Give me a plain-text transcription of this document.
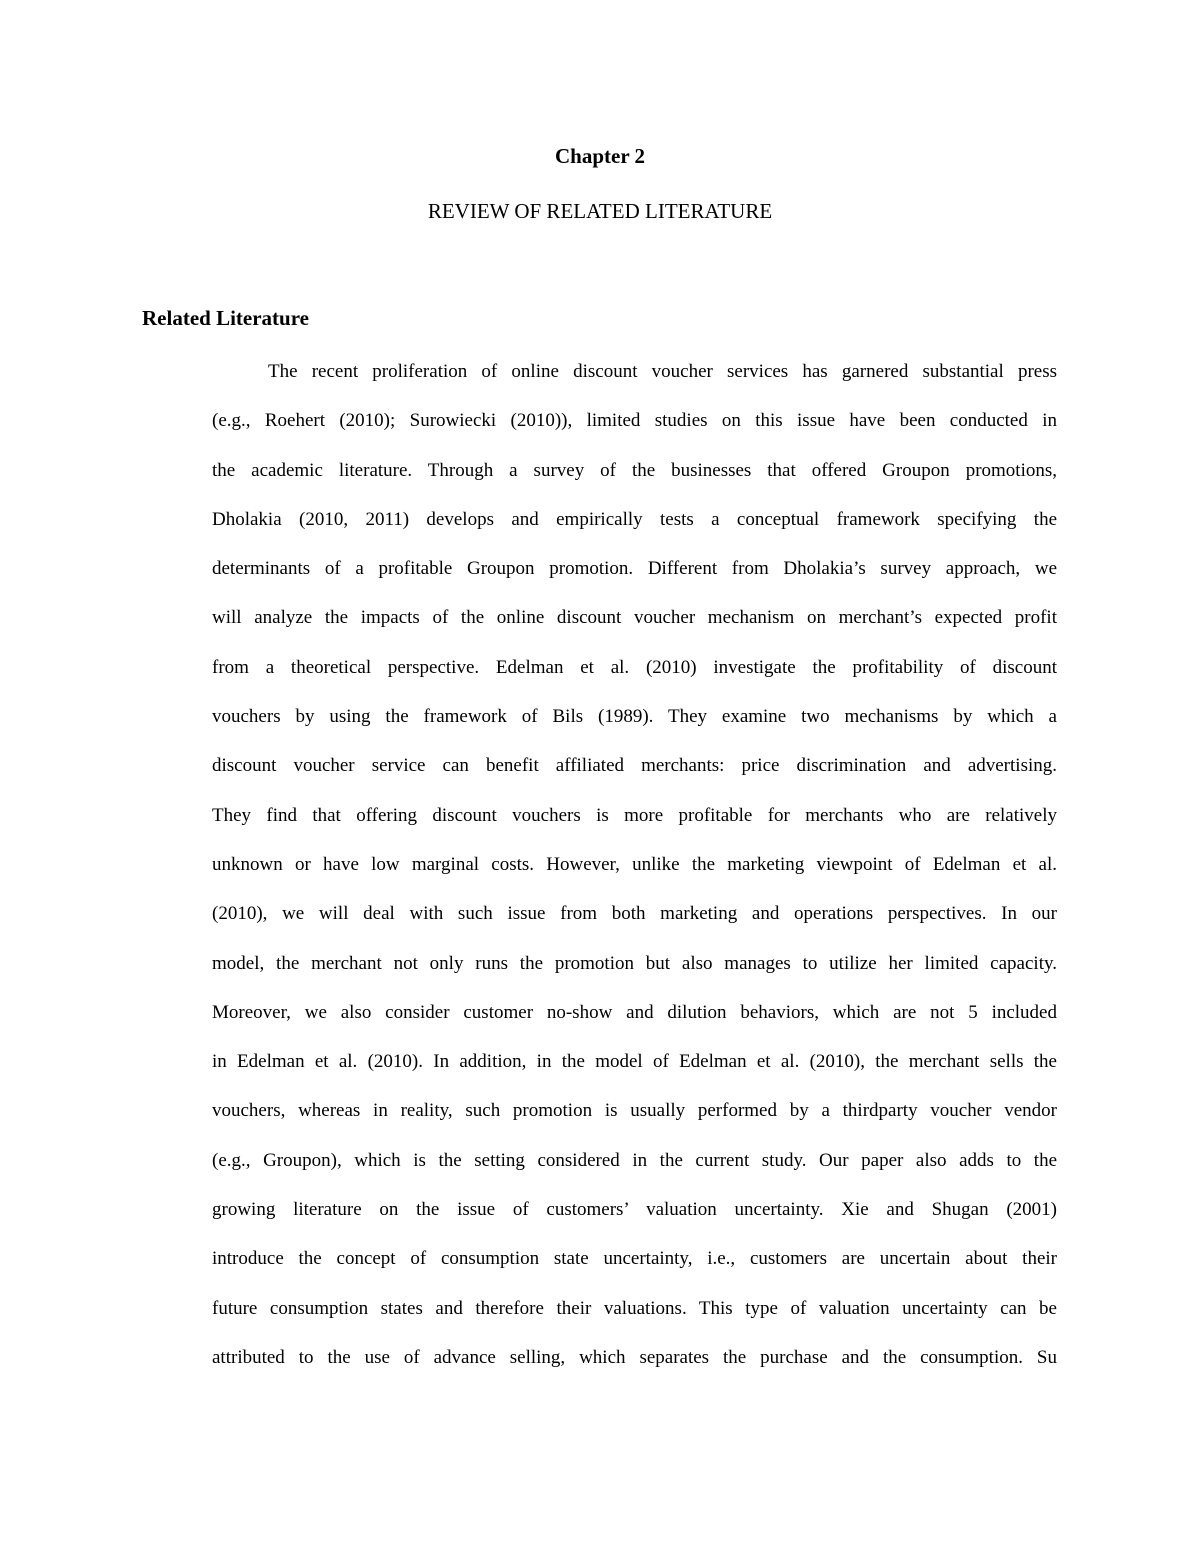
Chapter 2
REVIEW OF RELATED LITERATURE
Related Literature
The recent proliferation of online discount voucher services has garnered substantial press
(e.g., Roehert (2010); Surowiecki (2010)), limited studies on this issue have been conducted in
the academic literature. Through a survey of the businesses that offered Groupon promotions,
Dholakia (2010, 2011) develops and empirically tests a conceptual framework specifying the
determinants of a profitable Groupon promotion. Different from Dholakia’s survey approach, we
will analyze the impacts of the online discount voucher mechanism on merchant’s expected profit
from a theoretical perspective. Edelman et al. (2010) investigate the profitability of discount
vouchers by using the framework of Bils (1989). They examine two mechanisms by which a
discount voucher service can benefit affiliated merchants: price discrimination and advertising.
They find that offering discount vouchers is more profitable for merchants who are relatively
unknown or have low marginal costs. However, unlike the marketing viewpoint of Edelman et al.
(2010), we will deal with such issue from both marketing and operations perspectives. In our
model, the merchant not only runs the promotion but also manages to utilize her limited capacity.
Moreover, we also consider customer no-show and dilution behaviors, which are not 5 included
in Edelman et al. (2010). In addition, in the model of Edelman et al. (2010), the merchant sells the
vouchers, whereas in reality, such promotion is usually performed by a thirdparty voucher vendor
(e.g., Groupon), which is the setting considered in the current study. Our paper also adds to the
growing literature on the issue of customers’ valuation uncertainty. Xie and Shugan (2001)
introduce the concept of consumption state uncertainty, i.e., customers are uncertain about their
future consumption states and therefore their valuations. This type of valuation uncertainty can be
attributed to the use of advance selling, which separates the purchase and the consumption. Su
